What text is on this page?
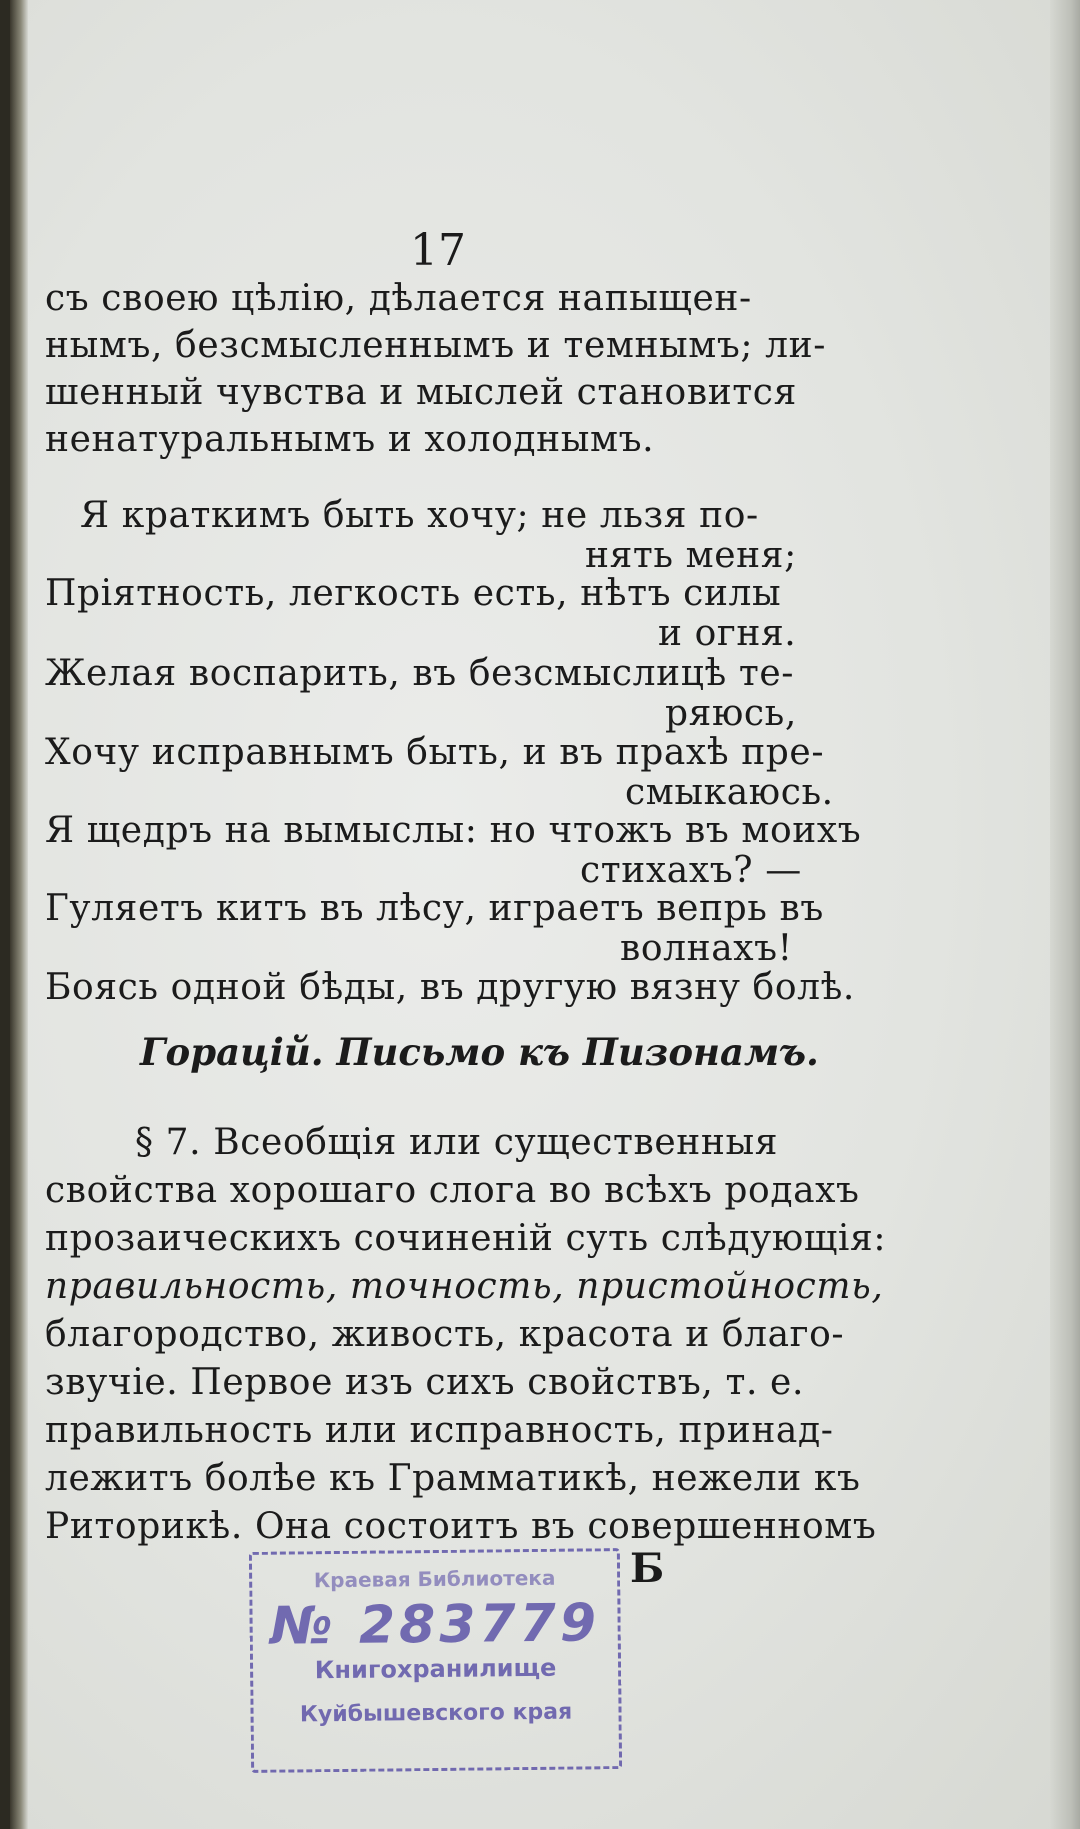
17
съ своею цѣлію, дѣлается напыщен-
нымъ, безсмысленнымъ и темнымъ; ли-
шенный чувства и мыслей становится
ненатуральнымъ и холоднымъ.
Я краткимъ быть хочу; не льзя по-
нять меня;
Пріятность, легкость есть, нѣтъ силы
и огня.
Желая воспарить, въ безсмыслицѣ те-
ряюсь,
Хочу исправнымъ быть, и въ прахѣ пре-
смыкаюсь.
Я щедръ на вымыслы: но чтожъ въ моихъ
стихахъ? —
Гуляетъ китъ въ лѣсу, играетъ вепрь въ
волнахъ!
Боясь одной бѣды, въ другую вязну болѣ.
Горацій. Письмо къ Пизонамъ.
§ 7. Всеобщія или существенныя
свойства хорошаго слога во всѣхъ родахъ
прозаическихъ сочиненій суть слѣдующія:
правильность, точность, пристойность,
благородство, живость, красота и благо-
звучіе. Первое изъ сихъ свойствъ, т. е.
правильность или исправность, принад-
лежитъ болѣе къ Грамматикѣ, нежели къ
Риторикѣ. Она состоитъ въ совершенномъ
Б
Краевая Библиотека
№ 283779
Книгохранилище
Куйбышевского края
